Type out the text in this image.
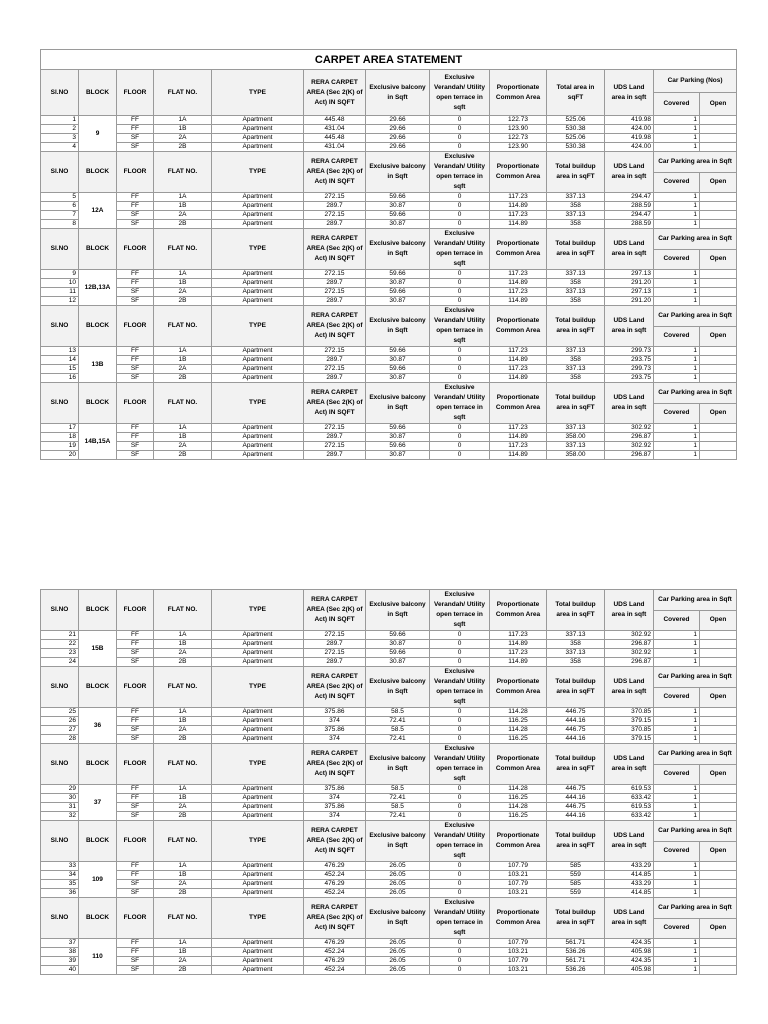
CARPET AREA STATEMENT												
Sl.NO	BLOCK	FLOOR	FLAT NO.	TYPE	RERA CARPET AREA (Sec 2(K) of Act) IN SQFT	Exclusive balcony in Sqft	Exclusive Verandah/ Utility open terrace in sqft	Proportionate Common Area	Total area in sqFT	UDS Land area in sqft	Car Parking (Nos)	
											Covered	Open
1	9	FF	1A	Apartment	445.48	29.66	0	122.73	525.06	419.98	1	
2		FF	1B	Apartment	431.04	29.66	0	123.90	530.38	424.00	1	
3		SF	2A	Apartment	445.48	29.66	0	122.73	525.06	419.98	1	
4		SF	2B	Apartment	431.04	29.66	0	123.90	530.38	424.00	1	
Sl.NO	BLOCK	FLOOR	FLAT NO.	TYPE	RERA CARPET AREA (Sec 2(K) of Act) IN SQFT	Exclusive balcony in Sqft	Exclusive Verandah/ Utility open terrace in sqft	Proportionate Common Area	Total buildup area in sqFT	UDS Land area in sqft	Car Parking area in Sqft	
											Covered	Open
5	12A	FF	1A	Apartment	272.15	59.66	0	117.23	337.13	294.47	1	
6		FF	1B	Apartment	289.7	30.87	0	114.89	358	288.59	1	
7		SF	2A	Apartment	272.15	59.66	0	117.23	337.13	294.47	1	
8		SF	2B	Apartment	289.7	30.87	0	114.89	358	288.59	1	
Sl.NO	BLOCK	FLOOR	FLAT NO.	TYPE	RERA CARPET AREA (Sec 2(K) of Act) IN SQFT	Exclusive balcony in Sqft	Exclusive Verandah/ Utility open terrace in sqft	Proportionate Common Area	Total buildup area in sqFT	UDS Land area in sqft	Car Parking area in Sqft	
											Covered	Open
9	12B,13A	FF	1A	Apartment	272.15	59.66	0	117.23	337.13	297.13	1	
10		FF	1B	Apartment	289.7	30.87	0	114.89	358	291.20	1	
11		SF	2A	Apartment	272.15	59.66	0	117.23	337.13	297.13	1	
12		SF	2B	Apartment	289.7	30.87	0	114.89	358	291.20	1	
Sl.NO	BLOCK	FLOOR	FLAT NO.	TYPE	RERA CARPET AREA (Sec 2(K) of Act) IN SQFT	Exclusive balcony in Sqft	Exclusive Verandah/ Utility open terrace in sqft	Proportionate Common Area	Total buildup area in sqFT	UDS Land area in sqft	Car Parking area in Sqft	
											Covered	Open
13	13B	FF	1A	Apartment	272.15	59.66	0	117.23	337.13	299.73	1	
14		FF	1B	Apartment	289.7	30.87	0	114.89	358	293.75	1	
15		SF	2A	Apartment	272.15	59.66	0	117.23	337.13	299.73	1	
16		SF	2B	Apartment	289.7	30.87	0	114.89	358	293.75	1	
Sl.NO	BLOCK	FLOOR	FLAT NO.	TYPE	RERA CARPET AREA (Sec 2(K) of Act) IN SQFT	Exclusive balcony in Sqft	Exclusive Verandah/ Utility open terrace in sqft	Proportionate Common Area	Total buildup area in sqFT	UDS Land area in sqft	Car Parking area in Sqft	
											Covered	Open
17	14B,15A	FF	1A	Apartment	272.15	59.66	0	117.23	337.13	302.92	1	
18		FF	1B	Apartment	289.7	30.87	0	114.89	358.00	296.87	1	
19		SF	2A	Apartment	272.15	59.66	0	117.23	337.13	302.92	1	
20		SF	2B	Apartment	289.7	30.87	0	114.89	358.00	296.87	1	
Sl.NO	BLOCK	FLOOR	FLAT NO.	TYPE	RERA CARPET AREA (Sec 2(K) of Act) IN SQFT	Exclusive balcony in Sqft	Exclusive Verandah/ Utility open terrace in sqft	Proportionate Common Area	Total buildup area in sqFT	UDS Land area in sqft	Car Parking area in Sqft	
											Covered	Open
21	15B	FF	1A	Apartment	272.15	59.66	0	117.23	337.13	302.92	1	
22		FF	1B	Apartment	289.7	30.87	0	114.89	358	296.87	1	
23		SF	2A	Apartment	272.15	59.66	0	117.23	337.13	302.92	1	
24		SF	2B	Apartment	289.7	30.87	0	114.89	358	296.87	1	
Sl.NO	BLOCK	FLOOR	FLAT NO.	TYPE	RERA CARPET AREA (Sec 2(K) of Act) IN SQFT	Exclusive balcony in Sqft	Exclusive Verandah/ Utility open terrace in sqft	Proportionate Common Area	Total buildup area in sqFT	UDS Land area in sqft	Car Parking area in Sqft	
											Covered	Open
25	36	FF	1A	Apartment	375.86	58.5	0	114.28	446.75	370.85	1	
26		FF	1B	Apartment	374	72.41	0	116.25	444.16	379.15	1	
27		SF	2A	Apartment	375.86	58.5	0	114.28	446.75	370.85	1	
28		SF	2B	Apartment	374	72.41	0	116.25	444.16	379.15	1	
Sl.NO	BLOCK	FLOOR	FLAT NO.	TYPE	RERA CARPET AREA (Sec 2(K) of Act) IN SQFT	Exclusive balcony in Sqft	Exclusive Verandah/ Utility open terrace in sqft	Proportionate Common Area	Total buildup area in sqFT	UDS Land area in sqft	Car Parking area in Sqft	
											Covered	Open
29	37	FF	1A	Apartment	375.86	58.5	0	114.28	446.75	619.53	1	
30		FF	1B	Apartment	374	72.41	0	116.25	444.16	633.42	1	
31		SF	2A	Apartment	375.86	58.5	0	114.28	446.75	619.53	1	
32		SF	2B	Apartment	374	72.41	0	116.25	444.16	633.42	1	
Sl.NO	BLOCK	FLOOR	FLAT NO.	TYPE	RERA CARPET AREA (Sec 2(K) of Act) IN SQFT	Exclusive balcony in Sqft	Exclusive Verandah/ Utility open terrace in sqft	Proportionate Common Area	Total buildup area in sqFT	UDS Land area in sqft	Car Parking area in Sqft	
											Covered	Open
33	109	FF	1A	Apartment	476.29	26.05	0	107.79	585	433.29	1	
34		FF	1B	Apartment	452.24	26.05	0	103.21	559	414.85	1	
35		SF	2A	Apartment	476.29	26.05	0	107.79	585	433.29	1	
36		SF	2B	Apartment	452.24	26.05	0	103.21	559	414.85	1	
Sl.NO	BLOCK	FLOOR	FLAT NO.	TYPE	RERA CARPET AREA (Sec 2(K) of Act) IN SQFT	Exclusive balcony in Sqft	Exclusive Verandah/ Utility open terrace in sqft	Proportionate Common Area	Total buildup area in sqFT	UDS Land area in sqft	Car Parking area in Sqft	
											Covered	Open
37	110	FF	1A	Apartment	476.29	26.05	0	107.79	561.71	424.35	1	
38		FF	1B	Apartment	452.24	26.05	0	103.21	536.26	405.98	1	
39		SF	2A	Apartment	476.29	26.05	0	107.79	561.71	424.35	1	
40		SF	2B	Apartment	452.24	26.05	0	103.21	536.26	405.98	1	
